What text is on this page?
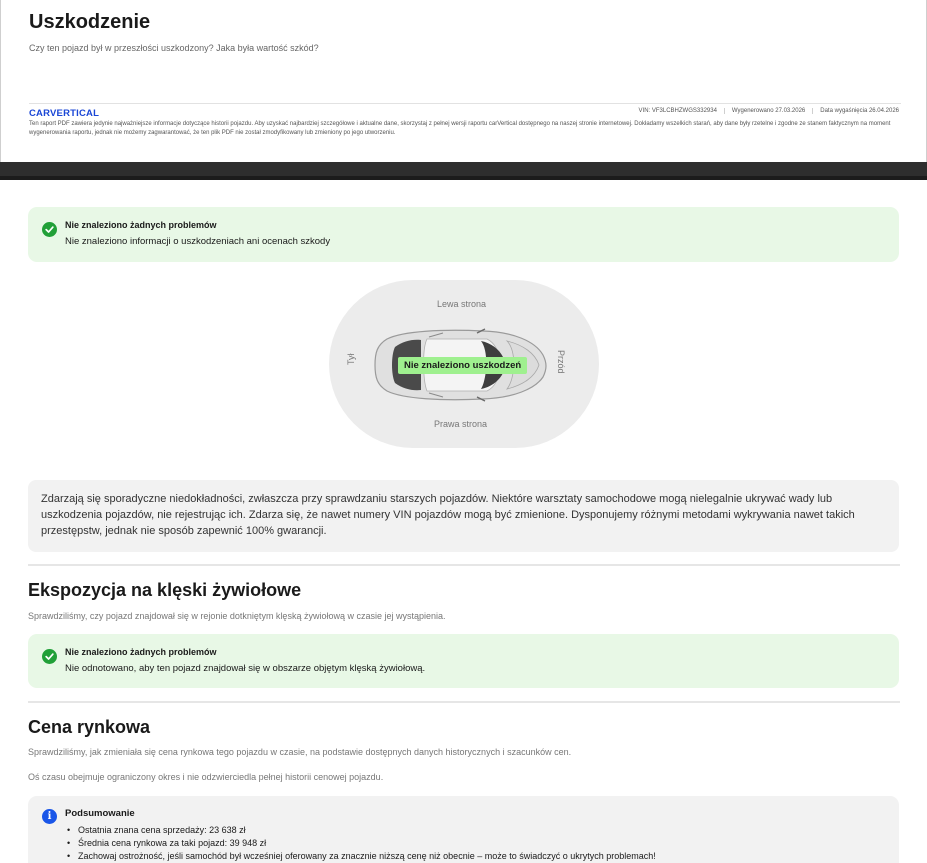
Uszkodzenie

Czy ten pojazd był w przeszłości uszkodzony? Jaka była wartość szkód?

CARVERTICAL	VIN: VF3LCBHZWGS332934	Wygenerowano 27.03.2026	Data wygaśnięcia 26.04.2026

Ten raport PDF zawiera jedynie najważniejsze informacje dotyczące historii pojazdu. Aby uzyskać najbardziej szczegółowe i aktualne dane, skorzystaj z pełnej wersji raportu carVertical dostępnego na naszej stronie internetowej. Dokładamy wszelkich starań, aby dane były rzetelne i zgodne ze stanem faktycznym na moment wygenerowania raportu, jednak nie możemy zagwarantować, że ten plik PDF nie został zmodyfikowany lub zmieniony po jego utworzeniu.

Nie znaleziono żadnych problemów
Nie znaleziono informacji o uszkodzeniach ani ocenach szkody
Lewa strona
Prawa strona
Tył	Przód
Nie znaleziono uszkodzeń

Zdarzają się sporadyczne niedokładności, zwłaszcza przy sprawdzaniu starszych pojazdów. Niektóre warsztaty samochodowe mogą nielegalnie ukrywać wady lub uszkodzenia pojazdów, nie rejestrując ich. Zdarza się, że nawet numery VIN pojazdów mogą być zmienione. Dysponujemy różnymi metodami wykrywania nawet takich przestępstw, jednak nie sposób zapewnić 100% gwarancji.

Ekspozycja na klęski żywiołowe

Sprawdziliśmy, czy pojazd znajdował się w rejonie dotkniętym klęską żywiołową w czasie jej wystąpienia.

Nie znaleziono żadnych problemów
Nie odnotowano, aby ten pojazd znajdował się w obszarze objętym klęską żywiołową.
Cena rynkowa

Sprawdziliśmy, jak zmieniała się cena rynkowa tego pojazdu w czasie, na podstawie dostępnych danych historycznych i szacunków cen.

Oś czasu obejmuje ograniczony okres i nie odzwierciedla pełnej historii cenowej pojazdu.

i	Podsumowanie
• Ostatnia znana cena sprzedaży: 23 638 zł
• Średnia cena rynkowa za taki pojazd: 39 948 zł
• Zachowaj ostrożność, jeśli samochód był wcześniej oferowany za znacznie niższą cenę niż obecnie – może to świadczyć o ukrytych problemach!
